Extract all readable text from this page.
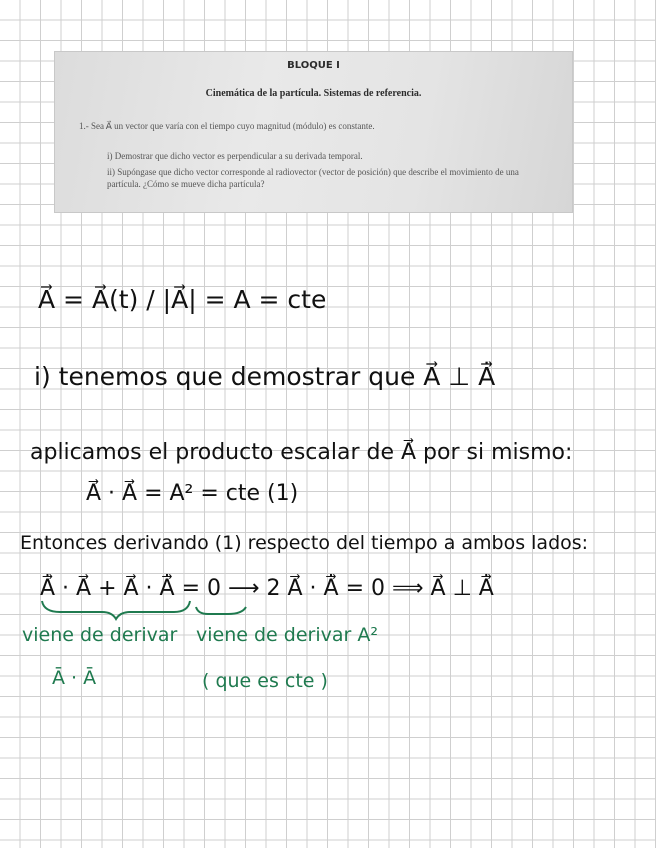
BLOQUE I
Cinemática de la partícula. Sistemas de referencia.
1.- Sea A⃗ un vector que varía con el tiempo cuyo magnitud (módulo) es constante.
i) Demostrar que dicho vector es perpendicular a su derivada temporal.
ii) Supóngase que dicho vector corresponde al radiovector (vector de posición) que describe el movimiento de una partícula. ¿Cómo se mueve dicha partícula?
A⃗ = A⃗(t) / |A⃗| = A = cte
i) tenemos que demostrar que A⃗ ⊥ A⃗̇
aplicamos el producto escalar de A⃗ por si mismo:
A⃗ · A⃗ = A² = cte (1)
Entonces derivando (1) respecto del tiempo a ambos lados:
A⃗̇ · A⃗ + A⃗ · A⃗̇ = 0 ⟶ 2 A⃗ · A⃗̇ = 0 ⟹ A⃗ ⊥ A⃗̇
viene de derivar
Ā · Ā
viene de derivar A²
( que es cte )
